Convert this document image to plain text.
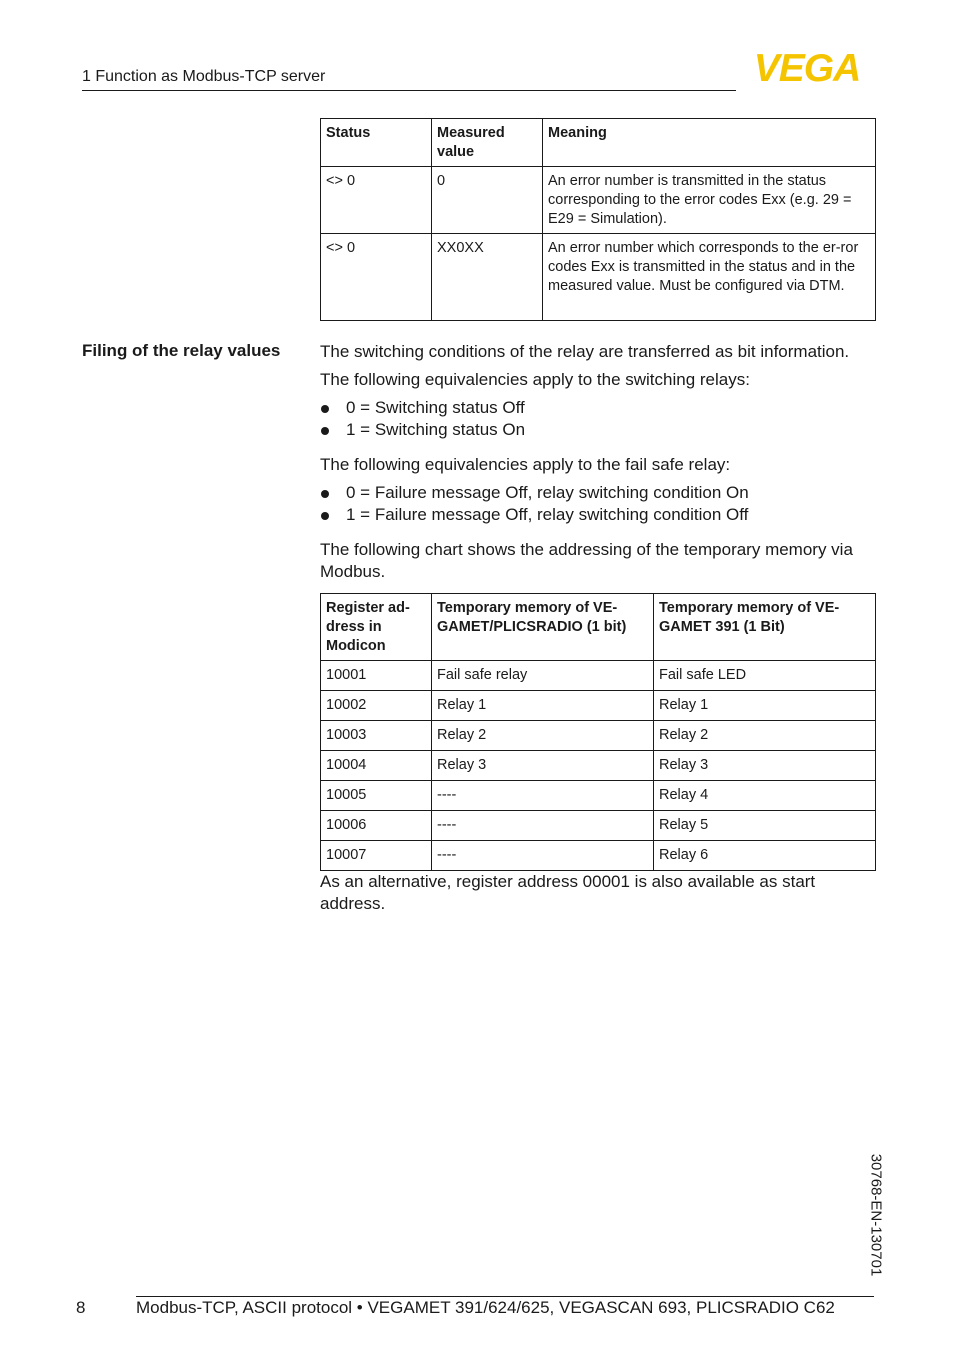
1 Function as Modbus-TCP server	VEGA
Status	Measured value	Meaning
<> 0	0	An error number is transmitted in the status corresponding to the error codes Exx (e.g. 29 = E29 = Simulation).
<> 0	XX0XX	An error number which corresponds to the er-ror codes Exx is transmitted in the status and in the measured value. Must be configured via DTM.
Filing of the relay values The switching conditions of the relay are transferred as bit information.
The following equivalencies apply to the switching relays:
0 = Switching status Off
1 = Switching status On
The following equivalencies apply to the fail safe relay:
0 = Failure message Off, relay switching condition On
1 = Failure message Off, relay switching condition Off
The following chart shows the addressing of the temporary memory via Modbus.
Register ad-dress in Modicon	Temporary memory of VE-GAMET/PLICSRADIO (1 bit)	Temporary memory of VE-GAMET 391 (1 Bit)
10001	Fail safe relay	Fail safe LED
10002	Relay 1	Relay 1
10003	Relay 2	Relay 2
10004	Relay 3	Relay 3
10005	----	Relay 4
10006	----	Relay 5
10007	----	Relay 6
As an alternative, register address 00001 is also available as start address.
30768-EN-130701
8	Modbus-TCP, ASCII protocol • VEGAMET 391/624/625, VEGASCAN 693, PLICSRADIO C62
